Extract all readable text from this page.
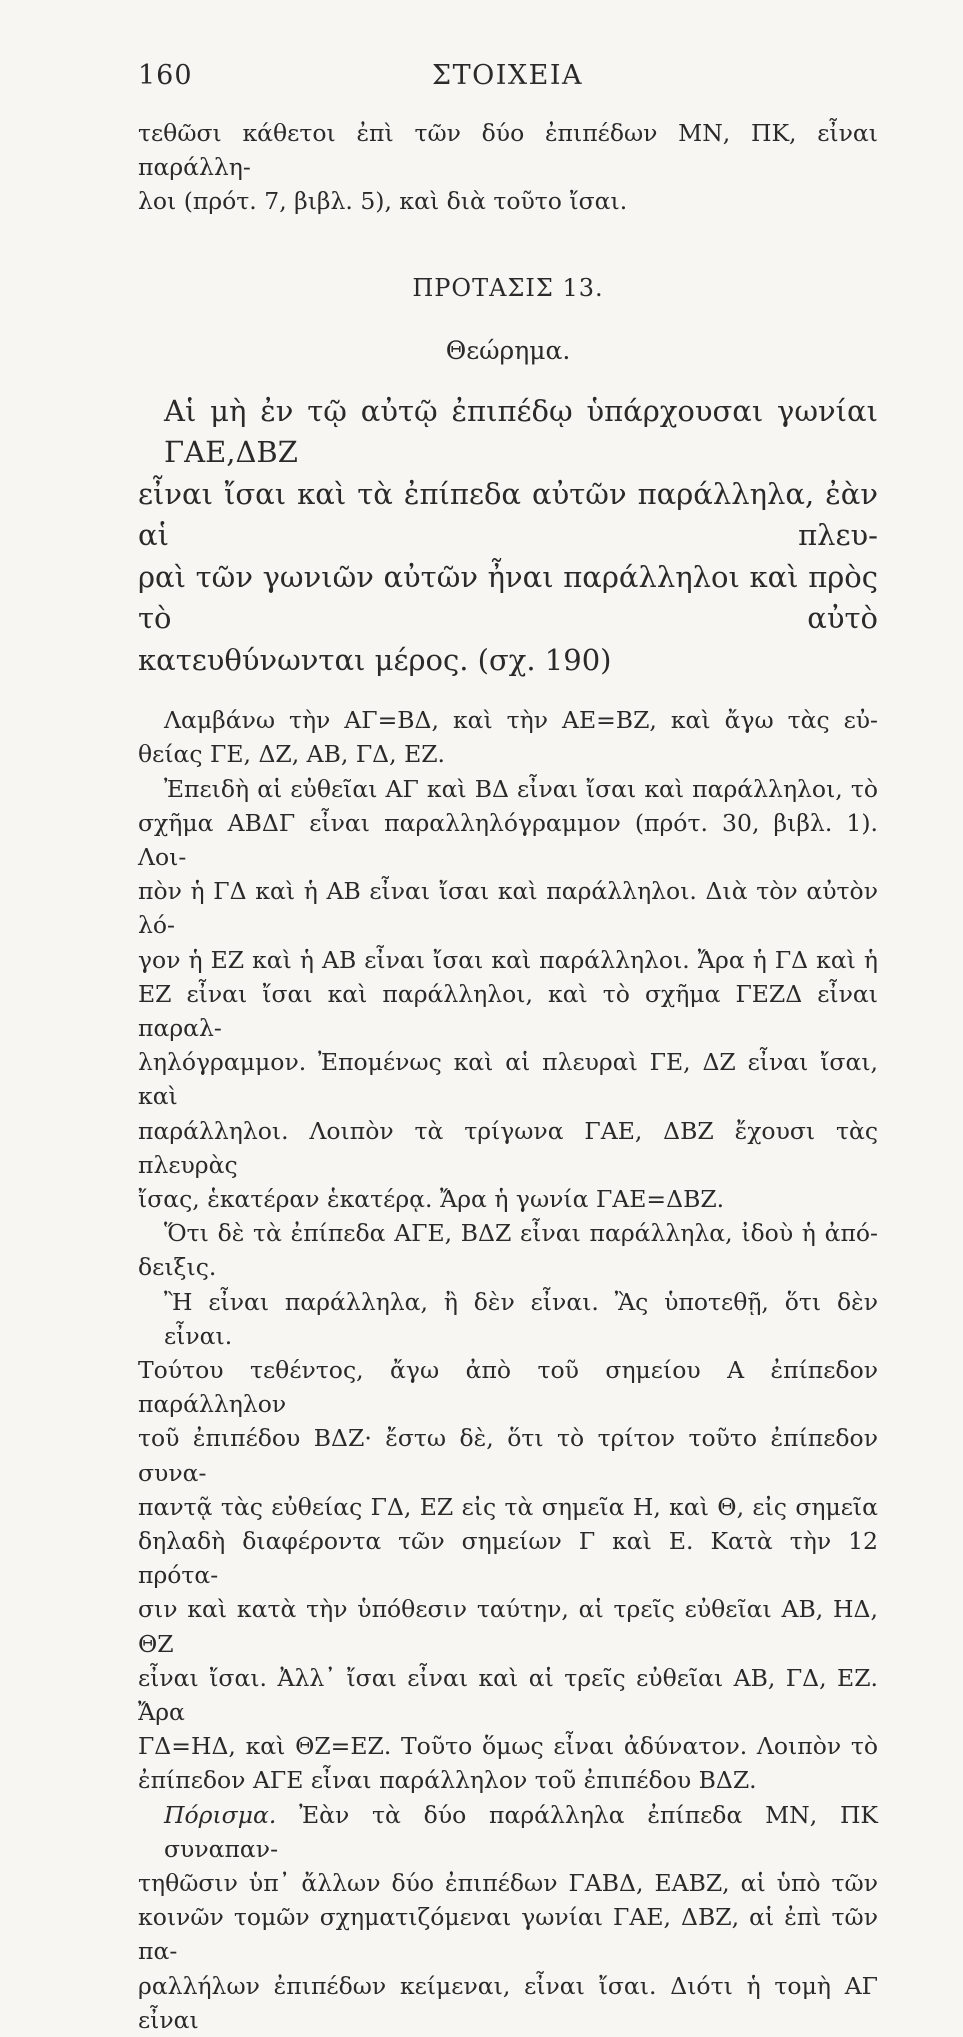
160	ΣΤΟΙΧΕΙΑ
τεθῶσι κάθετοι ἐπὶ τῶν δύο ἐπιπέδων ΜΝ, ΠΚ, εἶναι παράλλη-
λοι (πρότ. 7, βιβλ. 5), καὶ διὰ τοῦτο ἴσαι.
ΠΡΟΤΑΣΙΣ 13.
Θεώρημα.
Αἱ μὴ ἐν τῷ αὐτῷ ἐπιπέδῳ ὑπάρχουσαι γωνίαι ΓΑΕ,ΔΒΖ
εἶναι ἴσαι καὶ τὰ ἐπίπεδα αὐτῶν παράλληλα, ἐὰν αἱ πλευ-
ραὶ τῶν γωνιῶν αὐτῶν ἦναι παράλληλοι καὶ πρὸς τὸ αὐτὸ
κατευθύνωνται μέρος. (σχ. 190)
Λαμβάνω τὴν ΑΓ=ΒΔ, καὶ τὴν ΑΕ=ΒΖ, καὶ ἄγω τὰς εὐ-
θείας ΓΕ, ΔΖ, ΑΒ, ΓΔ, ΕΖ.
Ἐπειδὴ αἱ εὐθεῖαι ΑΓ καὶ ΒΔ εἶναι ἴσαι καὶ παράλληλοι, τὸ
σχῆμα ΑΒΔΓ εἶναι παραλληλόγραμμον (πρότ. 30, βιβλ. 1). Λοι-
πὸν ἡ ΓΔ καὶ ἡ ΑΒ εἶναι ἴσαι καὶ παράλληλοι. Διὰ τὸν αὐτὸν λό-
γον ἡ ΕΖ καὶ ἡ ΑΒ εἶναι ἴσαι καὶ παράλληλοι. Ἄρα ἡ ΓΔ καὶ ἡ
ΕΖ εἶναι ἴσαι καὶ παράλληλοι, καὶ τὸ σχῆμα ΓΕΖΔ εἶναι παραλ-
ληλόγραμμον. Ἐπομένως καὶ αἱ πλευραὶ ΓΕ, ΔΖ εἶναι ἴσαι, καὶ
παράλληλοι. Λοιπὸν τὰ τρίγωνα ΓΑΕ, ΔΒΖ ἔχουσι τὰς πλευρὰς
ἴσας, ἑκατέραν ἑκατέρᾳ. Ἄρα ἡ γωνία ΓΑΕ=ΔΒΖ.
Ὅτι δὲ τὰ ἐπίπεδα ΑΓΕ, ΒΔΖ εἶναι παράλληλα, ἰδοὺ ἡ ἀπό-
δειξις.
Ἢ εἶναι παράλληλα, ἢ δὲν εἶναι. Ἂς ὑποτεθῇ, ὅτι δὲν εἶναι.
Τούτου τεθέντος, ἄγω ἀπὸ τοῦ σημείου Α ἐπίπεδον παράλληλον
τοῦ ἐπιπέδου ΒΔΖ· ἔστω δὲ, ὅτι τὸ τρίτον τοῦτο ἐπίπεδον συνα-
παντᾷ τὰς εὐθείας ΓΔ, ΕΖ εἰς τὰ σημεῖα Η, καὶ Θ, εἰς σημεῖα
δηλαδὴ διαφέροντα τῶν σημείων Γ καὶ Ε. Κατὰ τὴν 12 πρότα-
σιν καὶ κατὰ τὴν ὑπόθεσιν ταύτην, αἱ τρεῖς εὐθεῖαι ΑΒ, ΗΔ, ΘΖ
εἶναι ἴσαι. Ἀλλ᾽ ἴσαι εἶναι καὶ αἱ τρεῖς εὐθεῖαι ΑΒ, ΓΔ, ΕΖ. Ἄρα
ΓΔ=ΗΔ, καὶ ΘΖ=ΕΖ. Τοῦτο ὅμως εἶναι ἀδύνατον. Λοιπὸν τὸ
ἐπίπεδον ΑΓΕ εἶναι παράλληλον τοῦ ἐπιπέδου ΒΔΖ.
Πόρισμα. Ἐὰν τὰ δύο παράλληλα ἐπίπεδα ΜΝ, ΠΚ συναπαν-
τηθῶσιν ὑπ᾽ ἄλλων δύο ἐπιπέδων ΓΑΒΔ, ΕΑΒΖ, αἱ ὑπὸ τῶν
κοινῶν τομῶν σχηματιζόμεναι γωνίαι ΓΑΕ, ΔΒΖ, αἱ ἐπὶ τῶν πα-
ραλλήλων ἐπιπέδων κείμεναι, εἶναι ἴσαι. Διότι ἡ τομὴ ΑΓ εἶναι
